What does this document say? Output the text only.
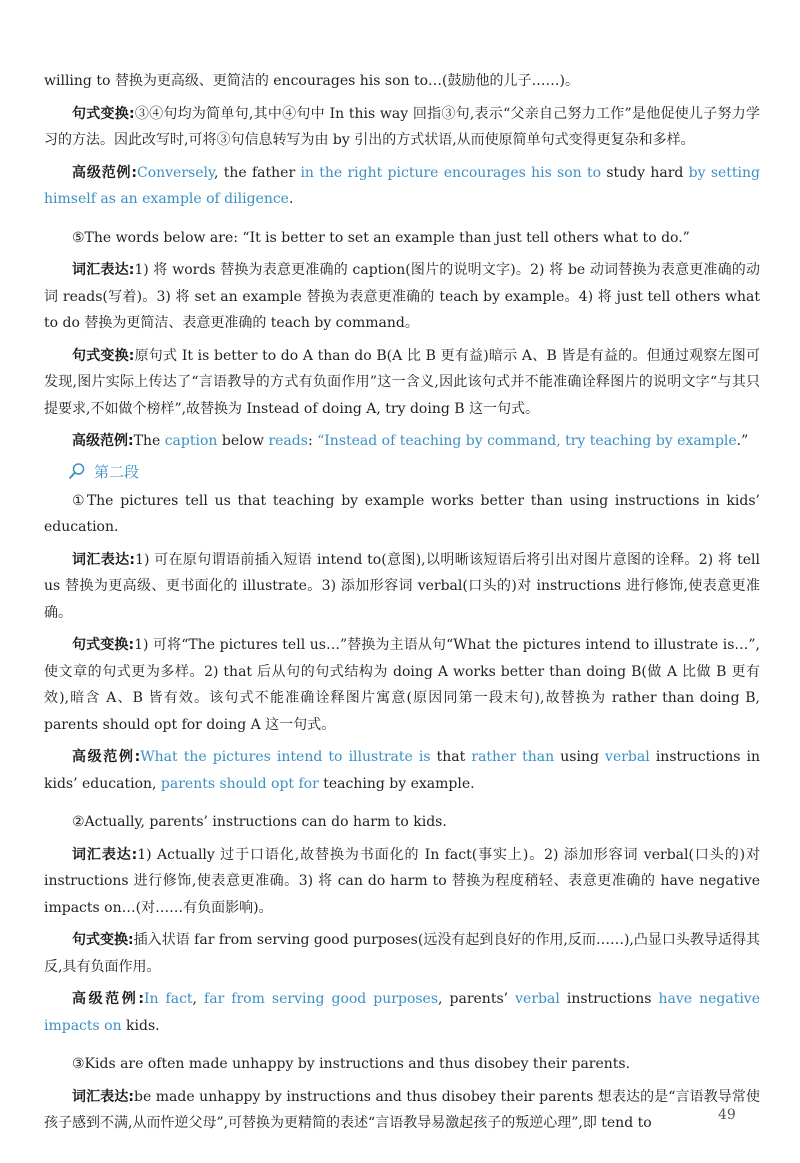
willing to 替换为更高级、更简洁的 encourages his son to…(鼓励他的儿子……)。

句式变换:③④句均为简单句,其中④句中 In this way 回指③句,表示“父亲自己努力工作”是他促使儿子努力学习的方法。因此改写时,可将③句信息转写为由 by 引出的方式状语,从而使原简单句式变得更复杂和多样。

高级范例:Conversely, the father in the right picture encourages his son to study hard by setting himself as an example of diligence.

⑤The words below are: “It is better to set an example than just tell others what to do.”

词汇表达:1) 将 words 替换为表意更准确的 caption(图片的说明文字)。2) 将 be 动词替换为表意更准确的动词 reads(写着)。3) 将 set an example 替换为表意更准确的 teach by example。4) 将 just tell others what to do 替换为更简洁、表意更准确的 teach by command。

句式变换:原句式 It is better to do A than do B(A 比 B 更有益)暗示 A、B 皆是有益的。但通过观察左图可发现,图片实际上传达了“言语教导的方式有负面作用”这一含义,因此该句式并不能准确诠释图片的说明文字“与其只提要求,不如做个榜样”,故替换为 Instead of doing A, try doing B 这一句式。

高级范例:The caption below reads: “Instead of teaching by command, try teaching by example.”

第二段

①The pictures tell us that teaching by example works better than using instructions in kids’ education.

词汇表达:1) 可在原句谓语前插入短语 intend to(意图),以明晰该短语后将引出对图片意图的诠释。2) 将 tell us 替换为更高级、更书面化的 illustrate。3) 添加形容词 verbal(口头的)对 instructions 进行修饰,使表意更准确。

句式变换:1) 可将“The pictures tell us…”替换为主语从句“What the pictures intend to illustrate is…”,使文章的句式更为多样。2) that 后从句的句式结构为 doing A works better than doing B(做 A 比做 B 更有效),暗含 A、B 皆有效。该句式不能准确诠释图片寓意(原因同第一段末句),故替换为 rather than doing B, parents should opt for doing A 这一句式。

高级范例:What the pictures intend to illustrate is that rather than using verbal instructions in kids’ education, parents should opt for teaching by example.

②Actually, parents’ instructions can do harm to kids.

词汇表达:1) Actually 过于口语化,故替换为书面化的 In fact(事实上)。2) 添加形容词 verbal(口头的)对 instructions 进行修饰,使表意更准确。3) 将 can do harm to 替换为程度稍轻、表意更准确的 have negative impacts on…(对……有负面影响)。

句式变换:插入状语 far from serving good purposes(远没有起到良好的作用,反而……),凸显口头教导适得其反,具有负面作用。

高级范例:In fact, far from serving good purposes, parents’ verbal instructions have negative impacts on kids.

③Kids are often made unhappy by instructions and thus disobey their parents.

词汇表达:be made unhappy by instructions and thus disobey their parents 想表达的是“言语教导常使孩子感到不满,从而忤逆父母”,可替换为更精简的表述“言语教导易激起孩子的叛逆心理”,即 tend to	49
